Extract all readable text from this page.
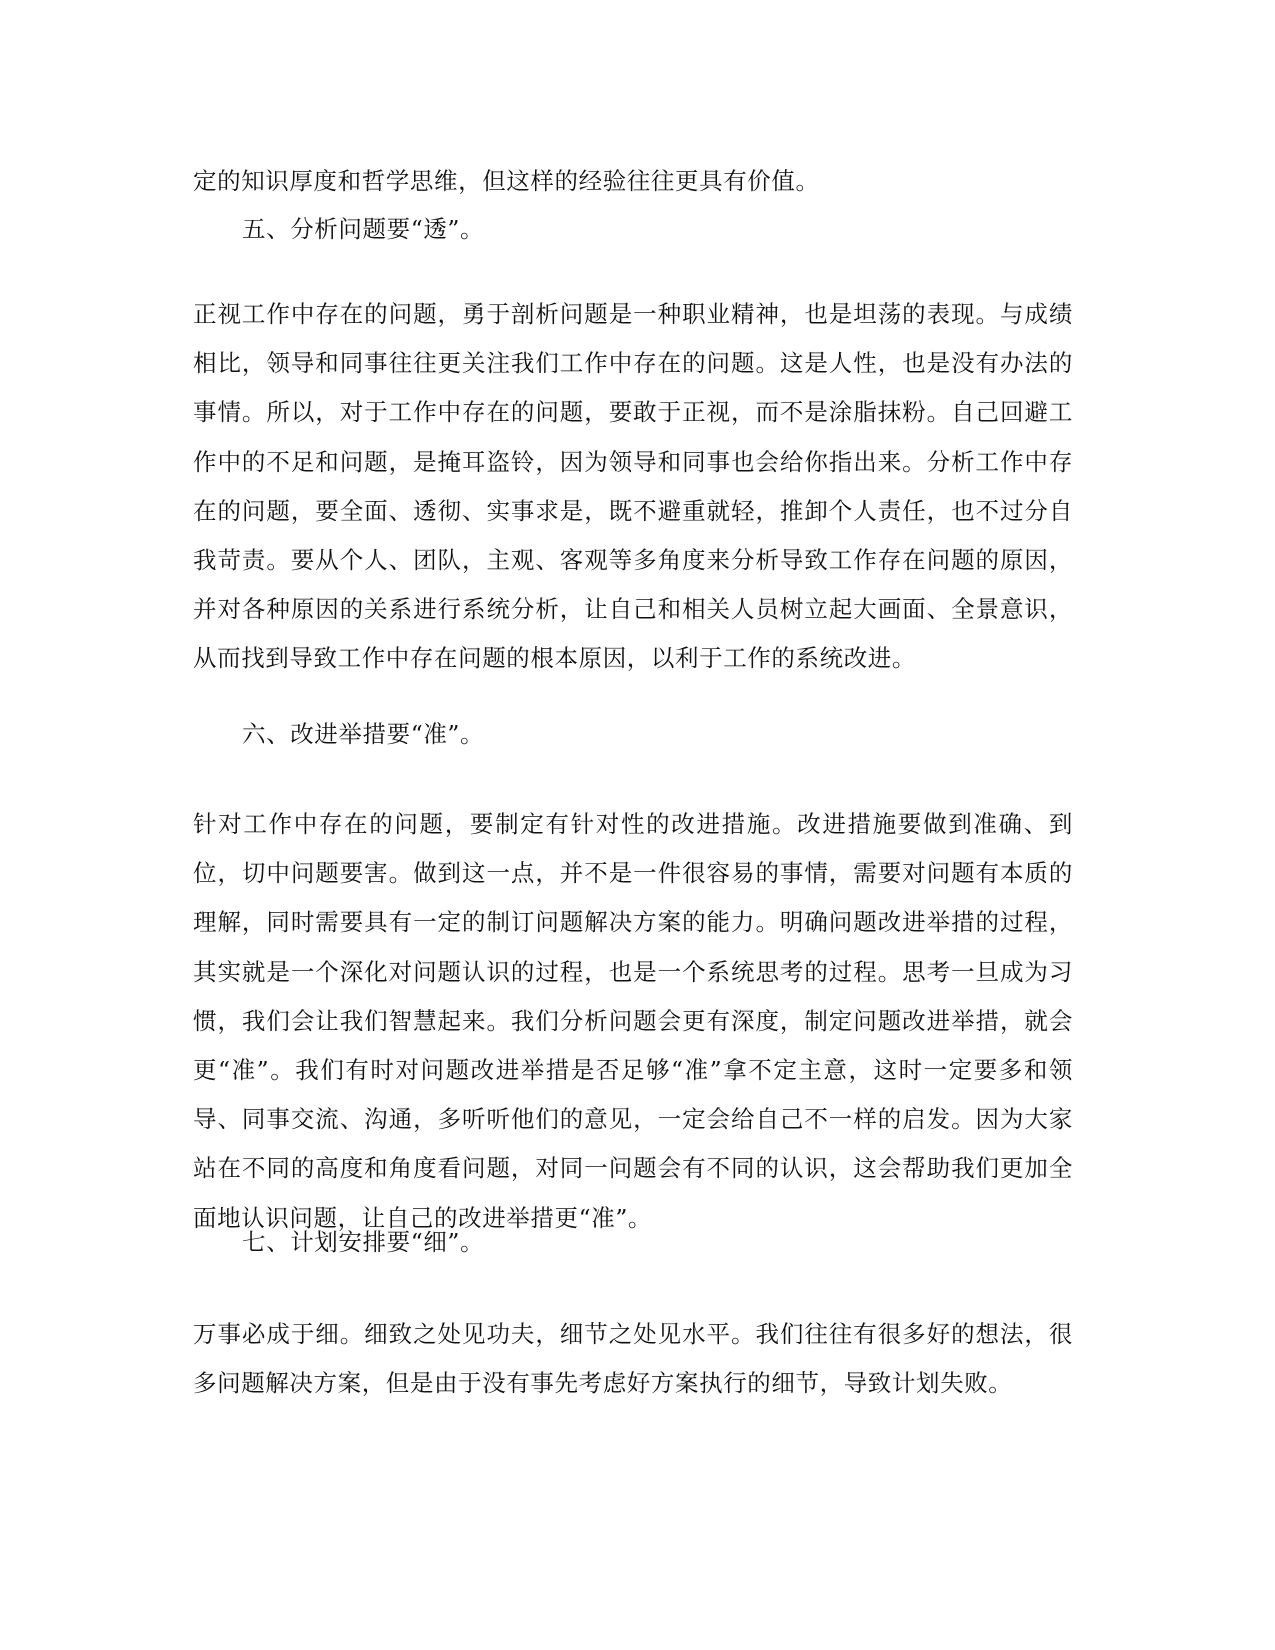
定的知识厚度和哲学思维，但这样的经验往往更具有价值。

五、分析问题要“透”。

正视工作中存在的问题，勇于剖析问题是一种职业精神，也是坦荡的表现。与成绩相比，领导和同事往往更关注我们工作中存在的问题。这是人性，也是没有办法的事情。所以，对于工作中存在的问题，要敢于正视，而不是涂脂抹粉。自己回避工作中的不足和问题，是掩耳盗铃，因为领导和同事也会给你指出来。分析工作中存在的问题，要全面、透彻、实事求是，既不避重就轻，推卸个人责任，也不过分自我苛责。要从个人、团队，主观、客观等多角度来分析导致工作存在问题的原因，并对各种原因的关系进行系统分析，让自己和相关人员树立起大画面、全景意识，从而找到导致工作中存在问题的根本原因，以利于工作的系统改进。

六、改进举措要“准”。

针对工作中存在的问题，要制定有针对性的改进措施。改进措施要做到准确、到位，切中问题要害。做到这一点，并不是一件很容易的事情，需要对问题有本质的理解，同时需要具有一定的制订问题解决方案的能力。明确问题改进举措的过程，其实就是一个深化对问题认识的过程，也是一个系统思考的过程。思考一旦成为习惯，我们会让我们智慧起来。我们分析问题会更有深度，制定问题改进举措，就会更“准”。我们有时对问题改进举措是否足够“准”拿不定主意，这时一定要多和领导、同事交流、沟通，多听听他们的意见，一定会给自己不一样的启发。因为大家站在不同的高度和角度看问题，对同一问题会有不同的认识，这会帮助我们更加全面地认识问题，让自己的改进举措更“准”。

七、计划安排要“细”。

万事必成于细。细致之处见功夫，细节之处见水平。我们往往有很多好的想法，很多问题解决方案，但是由于没有事先考虑好方案执行的细节，导致计划失败。
